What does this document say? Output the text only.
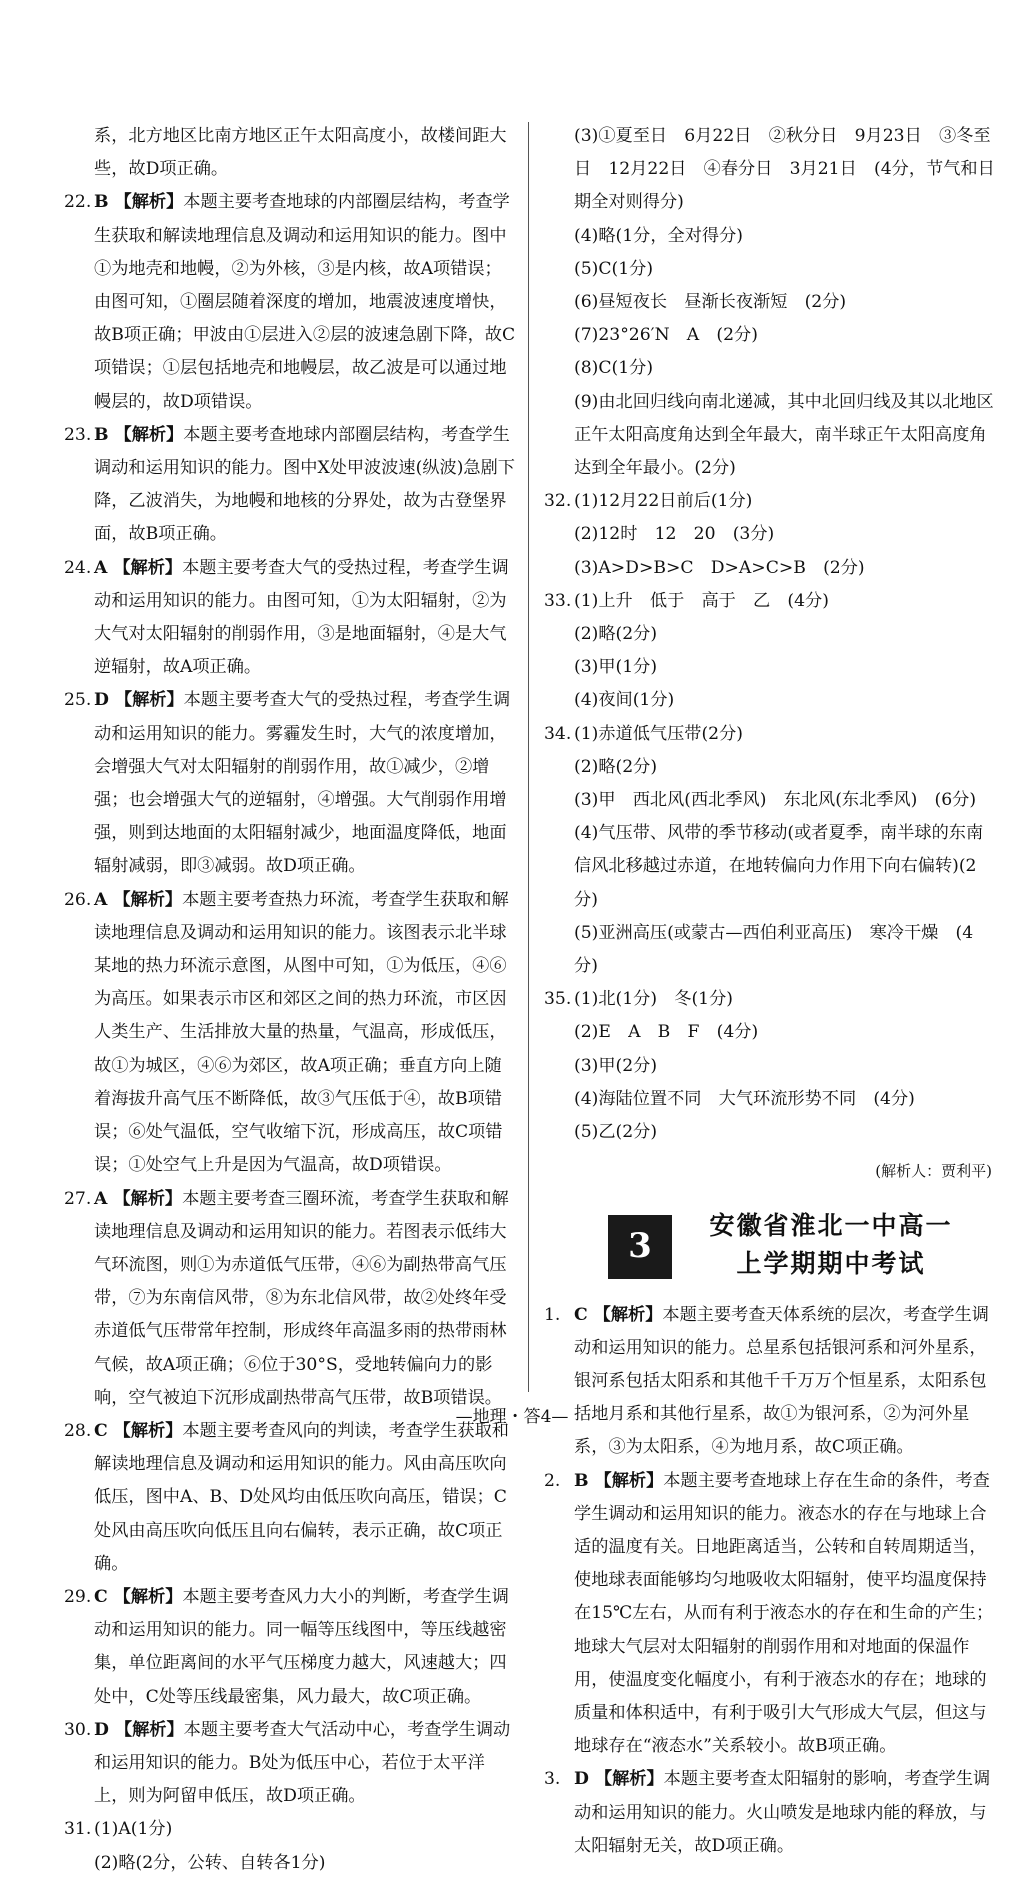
系，北方地区比南方地区正午太阳高度小，故楼间距大些，故D项正确。

22. B 【解析】本题主要考查地球的内部圈层结构，考查学生获取和解读地理信息及调动和运用知识的能力。图中①为地壳和地幔，②为外核，③是内核，故A项错误；由图可知，①圈层随着深度的增加，地震波速度增快，故B项正确；甲波由①层进入②层的波速急剧下降，故C项错误；①层包括地壳和地幔层，故乙波是可以通过地幔层的，故D项错误。

23. B 【解析】本题主要考查地球内部圈层结构，考查学生调动和运用知识的能力。图中X处甲波波速(纵波)急剧下降，乙波消失，为地幔和地核的分界处，故为古登堡界面，故B项正确。

24. A 【解析】本题主要考查大气的受热过程，考查学生调动和运用知识的能力。由图可知，①为太阳辐射，②为大气对太阳辐射的削弱作用，③是地面辐射，④是大气逆辐射，故A项正确。

25. D 【解析】本题主要考查大气的受热过程，考查学生调动和运用知识的能力。雾霾发生时，大气的浓度增加，会增强大气对太阳辐射的削弱作用，故①减少，②增强；也会增强大气的逆辐射，④增强。大气削弱作用增强，则到达地面的太阳辐射减少，地面温度降低，地面辐射减弱，即③减弱。故D项正确。

26. A 【解析】本题主要考查热力环流，考查学生获取和解读地理信息及调动和运用知识的能力。该图表示北半球某地的热力环流示意图，从图中可知，①为低压，④⑥为高压。如果表示市区和郊区之间的热力环流，市区因人类生产、生活排放大量的热量，气温高，形成低压，故①为城区，④⑥为郊区，故A项正确；垂直方向上随着海拔升高气压不断降低，故③气压低于④，故B项错误；⑥处气温低，空气收缩下沉，形成高压，故C项错误；①处空气上升是因为气温高，故D项错误。

27. A 【解析】本题主要考查三圈环流，考查学生获取和解读地理信息及调动和运用知识的能力。若图表示低纬大气环流图，则①为赤道低气压带，④⑥为副热带高气压带，⑦为东南信风带，⑧为东北信风带，故②处终年受赤道低气压带常年控制，形成终年高温多雨的热带雨林气候，故A项正确；⑥位于30°S，受地转偏向力的影响，空气被迫下沉形成副热带高气压带，故B项错误。

28. C 【解析】本题主要考查风向的判读，考查学生获取和解读地理信息及调动和运用知识的能力。风由高压吹向低压，图中A、B、D处风均由低压吹向高压，错误；C处风由高压吹向低压且向右偏转，表示正确，故C项正确。

29. C 【解析】本题主要考查风力大小的判断，考查学生调动和运用知识的能力。同一幅等压线图中，等压线越密集，单位距离间的水平气压梯度力越大，风速越大；四处中，C处等压线最密集，风力最大，故C项正确。

30. D 【解析】本题主要考查大气活动中心，考查学生调动和运用知识的能力。B处为低压中心，若位于太平洋上，则为阿留申低压，故D项正确。

31. (1)A(1分)

(2)略(2分，公转、自转各1分)

(3)①夏至日　6月22日　②秋分日　9月23日　③冬至日　12月22日　④春分日　3月21日　(4分，节气和日期全对则得分)

(4)略(1分，全对得分)

(5)C(1分)

(6)昼短夜长　昼渐长夜渐短　(2分)

(7)23°26′N　A　(2分)

(8)C(1分)

(9)由北回归线向南北递减，其中北回归线及其以北地区正午太阳高度角达到全年最大，南半球正午太阳高度角达到全年最小。(2分)

32. (1)12月22日前后(1分)

(2)12时　12　20　(3分)

(3)A>D>B>C　D>A>C>B　(2分)

33. (1)上升　低于　高于　乙　(4分)

(2)略(2分)

(3)甲(1分)

(4)夜间(1分)

34. (1)赤道低气压带(2分)

(2)略(2分)

(3)甲　西北风(西北季风)　东北风(东北季风)　(6分)

(4)气压带、风带的季节移动(或者夏季，南半球的东南信风北移越过赤道，在地转偏向力作用下向右偏转)(2分)

(5)亚洲高压(或蒙古—西伯利亚高压)　寒冷干燥　(4分)

35. (1)北(1分)　冬(1分)

(2)E　A　B　F　(4分)

(3)甲(2分)

(4)海陆位置不同　大气环流形势不同　(4分)

(5)乙(2分)

(解析人：贾利平)
3
安徽省淮北一中高一
上学期期中考试

1. C 【解析】本题主要考查天体系统的层次，考查学生调动和运用知识的能力。总星系包括银河系和河外星系，银河系包括太阳系和其他千千万万个恒星系，太阳系包括地月系和其他行星系，故①为银河系，②为河外星系，③为太阳系，④为地月系，故C项正确。

2. B 【解析】本题主要考查地球上存在生命的条件，考查学生调动和运用知识的能力。液态水的存在与地球上合适的温度有关。日地距离适当，公转和自转周期适当，使地球表面能够均匀地吸收太阳辐射，使平均温度保持在15℃左右，从而有利于液态水的存在和生命的产生；地球大气层对太阳辐射的削弱作用和对地面的保温作用，使温度变化幅度小，有利于液态水的存在；地球的质量和体积适中，有利于吸引大气形成大气层，但这与地球存在“液态水”关系较小。故B项正确。

3. D 【解析】本题主要考查太阳辐射的影响，考查学生调动和运用知识的能力。火山喷发是地球内能的释放，与太阳辐射无关，故D项正确。

—地理・答4—
